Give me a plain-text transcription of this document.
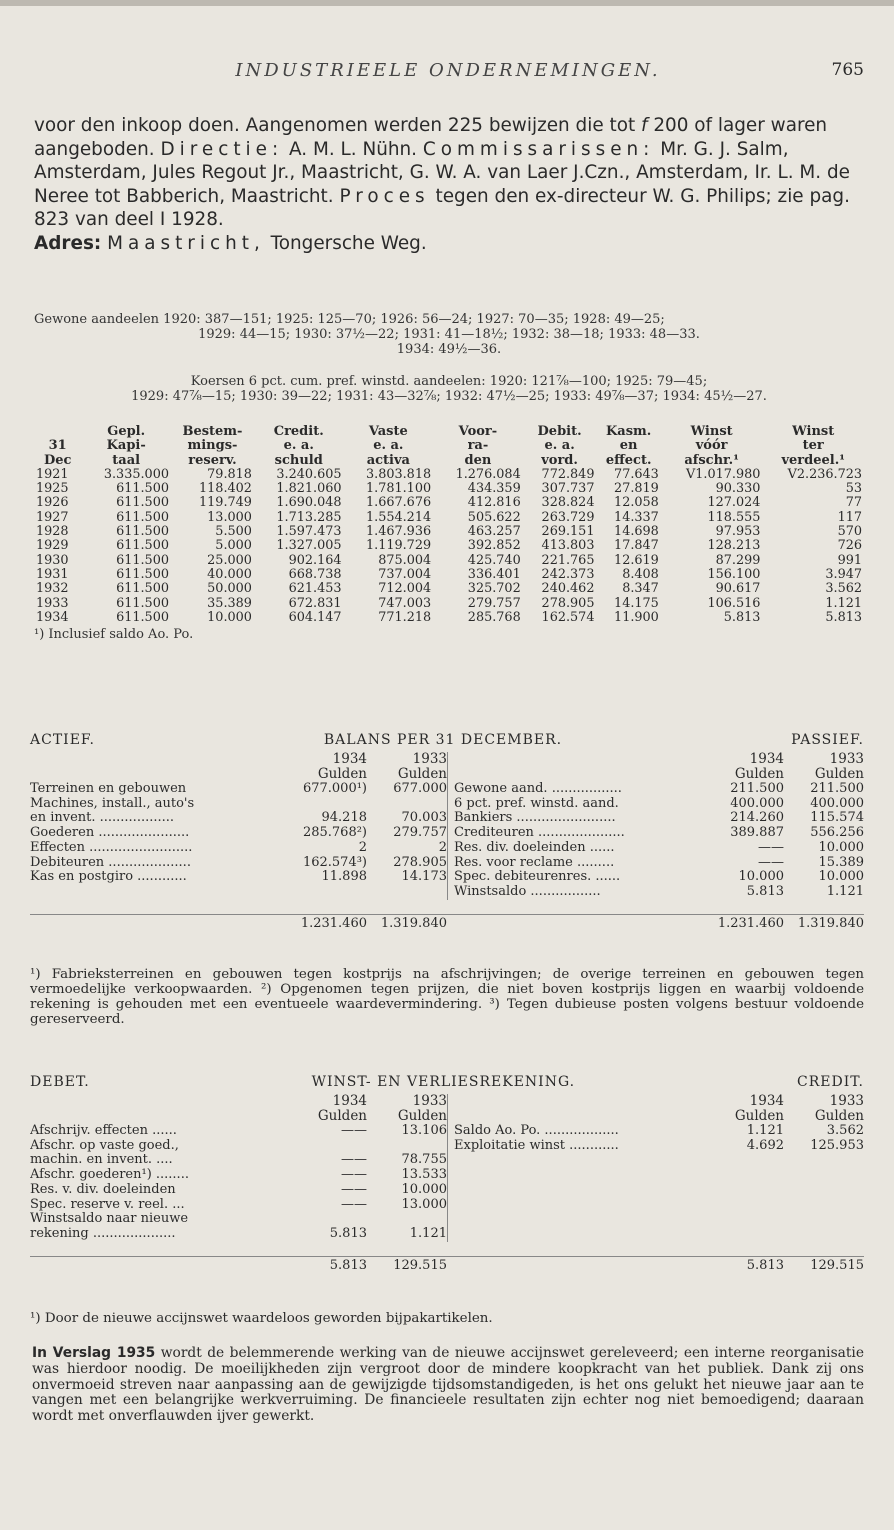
INDUSTRIEELE ONDERNEMINGEN.	765

voor den inkoop doen. Aangenomen werden 225 bewijzen die tot f 200 of lager waren aangeboden. Directie: A. M. L. Nühn. Commissarissen: Mr. G. J. Salm, Amsterdam, Jules Regout Jr., Maastricht, G. W. A. van Laer J.Czn., Amsterdam, Ir. L. M. de Neree tot Babberich, Maastricht. Proces tegen den ex-directeur W. G. Philips; zie pag. 823 van deel I 1928.

Adres: Maastricht, Tongersche Weg.

Gewone aandeelen 1920: 387—151; 1925: 125—70; 1926: 56—24; 1927: 70—35; 1928: 49—25;
1929: 44—15; 1930: 37½—22; 1931: 41—18½; 1932: 38—18; 1933: 48—33.
1934: 49½—36.
Koersen 6 pct. cum. pref. winstd. aandeelen: 1920: 121⅞—100; 1925: 79—45;
1929: 47⅞—15; 1930: 39—22; 1931: 43—32⅞; 1932: 47½—25; 1933: 49⅞—37; 1934: 45½—27.
	Gepl.	Bestem-	Credit.	Vaste	Voor-	Debit.	Kasm.	Winst	Winst
31	Kapi-	mings-	e. a.	e. a.	ra-	e. a.	en	vóór	ter
Dec	taal	reserv.	schuld	activa	den	vord.	effect.	afschr.¹	verdeel.¹
1921	3.335.000	79.818	3.240.605	3.803.818	1.276.084	772.849	77.643	V1.017.980	V2.236.723
1925	611.500	118.402	1.821.060	1.781.100	434.359	307.737	27.819	90.330	53
1926	611.500	119.749	1.690.048	1.667.676	412.816	328.824	12.058	127.024	77
1927	611.500	13.000	1.713.285	1.554.214	505.622	263.729	14.337	118.555	117
1928	611.500	5.500	1.597.473	1.467.936	463.257	269.151	14.698	97.953	570
1929	611.500	5.000	1.327.005	1.119.729	392.852	413.803	17.847	128.213	726
1930	611.500	25.000	902.164	875.004	425.740	221.765	12.619	87.299	991
1931	611.500	40.000	668.738	737.004	336.401	242.373	8.408	156.100	3.947
1932	611.500	50.000	621.453	712.004	325.702	240.462	8.347	90.617	3.562
1933	611.500	35.389	672.831	747.003	279.757	278.905	14.175	106.516	1.121
1934	611.500	10.000	604.147	771.218	285.768	162.574	11.900	5.813	5.813
¹) Inclusief saldo Ao. Po.
ACTIEF.	BALANS PER 31 DECEMBER.	PASSIEF.
1934	1933
Gulden	Gulden
Terreinen en gebouwen	677.000¹)	677.000
Machines, install., auto's
en invent. ..................	94.218	70.003
Goederen ......................	285.768²)	279.757
Effecten .........................	2	2
Debiteuren ....................	162.574³)	278.905
Kas en postgiro ............	11.898	14.173
1934	1933
Gulden	Gulden
Gewone aand. .................	211.500	211.500
6 pct. pref. winstd. aand.	400.000	400.000
Bankiers ........................	214.260	115.574
Crediteuren .....................	389.887	556.256
Res. div. doeleinden ......	——	10.000
Res. voor reclame .........	——	15.389
Spec. debiteurenres. ......	10.000	10.000
Winstsaldo .................	5.813	1.121
1.231.460	1.319.840	1.231.460	1.319.840
¹) Fabrieksterreinen en gebouwen tegen kostprijs na afschrijvingen; de overige terreinen en gebouwen tegen vermoedelijke verkoopwaarden. ²) Opgenomen tegen prijzen, die niet boven kostprijs liggen en waarbij voldoende rekening is gehouden met een eventueele waardevermindering. ³) Tegen dubieuse posten volgens bestuur voldoende gereserveerd.
DEBET.	WINST- EN VERLIESREKENING.	CREDIT.
1934	1933
Gulden	Gulden
Afschrijv. effecten ......	——	13.106
Afschr. op vaste goed.,
machin. en invent. ....	——	78.755
Afschr. goederen¹) ........	——	13.533
Res. v. div. doeleinden	——	10.000
Spec. reserve v. reel. ...	——	13.000
Winstsaldo naar nieuwe
rekening ....................	5.813	1.121
1934	1933
Gulden	Gulden
Saldo Ao. Po. ..................	1.121	3.562
Exploitatie winst ............	4.692	125.953
5.813	129.515	5.813	129.515
¹) Door de nieuwe accijnswet waardeloos geworden bijpakartikelen.
In Verslag 1935 wordt de belemmerende werking van de nieuwe accijnswet gereleveerd; een interne reorganisatie was hierdoor noodig. De moeilijkheden zijn vergroot door de mindere koopkracht van het publiek. Dank zij ons onvermoeid streven naar aanpassing aan de gewijzigde tijdsomstandigeden, is het ons gelukt het nieuwe jaar aan te vangen met een belangrijke werkverruiming. De financieele resultaten zijn echter nog niet bemoedigend; daaraan wordt met onverflauwden ijver gewerkt.
